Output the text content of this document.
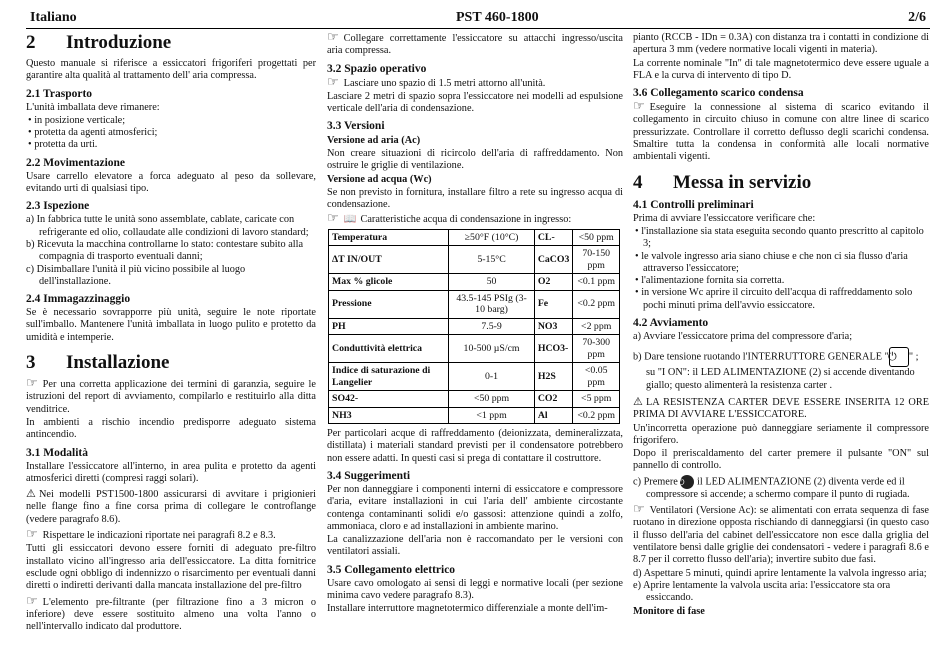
Italiano	PST 460-1800	2/6
2 Introduzione

Questo manuale si riferisce a essiccatori frigoriferi progettati per garantire alta qualità al trattamento dell' aria compressa.

2.1 Trasporto

L'unità imballata deve rimanere:

• in posizione verticale;
• protetta da agenti atmosferici;
• protetta da urti.
2.2 Movimentazione

Usare carrello elevatore a forca adeguato al peso da sollevare, evitando urti di qualsiasi tipo.

2.3 Ispezione
a) In fabbrica tutte le unità sono assemblate, cablate, caricate con refrigerante ed olio, collaudate alle condizioni di lavoro standard;
b) Ricevuta la macchina controllarne lo stato: contestare subito alla compagnia di trasporto eventuali danni;
c) Disimballare l'unità il più vicino possibile al luogo dell'installazione.
2.4 Immagazzinaggio

Se è necessario sovrapporre più unità, seguire le note riportate sull'imballo. Mantenere l'unità imballata in luogo pulito e protetto da umidità e intemperie.

3 Installazione

☞ Per una corretta applicazione dei termini di garanzia, seguire le istruzioni del report di avviamento, compilarlo e restituirlo alla ditta venditrice.

In ambienti a rischio incendio predisporre adeguato sistema antincendio.

3.1 Modalità

Installare l'essiccatore all'interno, in area pulita e protetto da agenti atmosferici diretti (compresi raggi solari).

⚠ Nei modelli PST1500-1800 assicurarsi di avvitare i prigionieri nelle flange fino a fine corsa prima di collegare le controflange (vedere paragrafo 8.6).

☞ Rispettare le indicazioni riportate nei paragrafi 8.2 e 8.3.

Tutti gli essiccatori devono essere forniti di adeguato pre-filtro installato vicino all'ingresso aria dell'essiccatore. La ditta fornitrice esclude ogni obbligo di indennizzo o risarcimento per eventuali danni diretti o indiretti derivanti dalla mancata installazione del pre-filtro

☞ L'elemento pre-filtrante (per filtrazione fino a 3 micron o inferiore) deve essere sostituito almeno una volta l'anno o nell'intervallo indicato dal produttore.

☞ Collegare correttamente l'essiccatore su attacchi ingresso/uscita aria compressa.

3.2 Spazio operativo

☞ Lasciare uno spazio di 1.5 metri attorno all'unità.

Lasciare 2 metri di spazio sopra l'essiccatore nei modelli ad espulsione verticale dell'aria di condensazione.

3.3 Versioni
Versione ad aria (Ac)

Non creare situazioni di ricircolo dell'aria di raffreddamento. Non ostruire le griglie di ventilazione.

Versione ad acqua (Wc)

Se non previsto in fornitura, installare filtro a rete su ingresso acqua di condensazione.

☞ 📖 Caratteristiche acqua di condensazione in ingresso:

Temperatura	≥50°F (10°C)	CL-	<50 ppm
ΔT IN/OUT	5-15°C	CaCO3	70-150 ppm
Max % glicole	50	O2	<0.1 ppm
Pressione	43.5-145 PSIg (3-10 barg)	Fe	<0.2 ppm
PH	7.5-9	NO3	<2 ppm
Conduttività elettrica	10-500 µS/cm	HCO3-	70-300 ppm
Indice di saturazione di Langelier	0-1	H2S	<0.05 ppm
SO42-	<50 ppm	CO2	<5 ppm
NH3	<1 ppm	Al	<0.2 ppm

Per particolari acque di raffreddamento (deionizzata, demineralizzata, distillata) i materiali standard previsti per il condensatore potrebbero non essere adatti. In questi casi si prega di contattare il costruttore.

3.4 Suggerimenti

Per non danneggiare i componenti interni di essiccatore e compressore d'aria, evitare installazioni in cui l'aria dell' ambiente circostante contenga contaminanti solidi e/o gassosi: attenzione quindi a zolfo, ammoniaca, cloro e ad installazioni in ambiente marino.

La canalizzazione dell'aria non è raccomandato per le versioni con ventilatori assiali.

3.5 Collegamento elettrico

Usare cavo omologato ai sensi di leggi e normative locali (per sezione minima cavo vedere paragrafo 8.3).

Installare interruttore magnetotermico differenziale a monte dell'im-

pianto (RCCB - IDn = 0.3A) con distanza tra i contatti in condizione di apertura 3 mm (vedere normative locali vigenti in materia).

La corrente nominale "In" di tale magnetotermico deve essere uguale a FLA e la curva di intervento di tipo D.

3.6 Collegamento scarico condensa

☞ Eseguire la connessione al sistema di scarico evitando il collegamento in circuito chiuso in comune con altre linee di scarico pressurizzate. Controllare il corretto deflusso degli scarichi condensa. Smaltire tutta la condensa in conformità alle locali normative ambientali vigenti.

4 Messa in servizio
4.1 Controlli preliminari

Prima di avviare l'essiccatore verificare che:

• l'installazione sia stata eseguita secondo quanto prescritto al capitolo 3;
• le valvole ingresso aria siano chiuse e che non ci sia flusso d'aria attraverso l'essiccatore;
• l'alimentazione fornita sia corretta.
• in versione Wc aprire il circuito dell'acqua di raffreddamento solo pochi minuti prima dell'avvio essiccatore.
4.2 Avviamento
a) Avviare l'essiccatore prima del compressore d'aria;
b) Dare tensione ruotando l'INTERRUTTORE GENERALE "⏻ " ; su "I ON": il LED ALIMENTAZIONE (2) si accende diventando giallo; questo alimenterà la resistenza carter .

⚠ LA RESISTENZA CARTER DEVE ESSERE INSERITA 12 ORE PRIMA DI AVVIARE L'ESSICCATORE.

Un'incorretta operazione può danneggiare seriamente il compressore frigorifero.

Dopo il preriscaldamento del carter premere il pulsante "ON" sul pannello di controllo.

c) Premere ⏻ il LED ALIMENTAZIONE (2) diventa verde ed il compressore si accende; a schermo compare il punto di rugiada.

☞ Ventilatori (Versione Ac): se alimentati con errata sequenza di fase ruotano in direzione opposta rischiando di danneggiarsi (in questo caso il flusso dell'aria del cabinet dell'essiccatore non esce dalla griglia del ventilatore bensì dalle griglie dei condensatori - vedere i paragrafi 8.6 e 8.7 per il corretto flusso dell'aria); invertire subito due fasi.

d) Aspettare 5 minuti, quindi aprire lentamente la valvola ingresso aria;
e) Aprire lentamente la valvola uscita aria: l'essiccatore sta ora essiccando.
Monitore di fase
